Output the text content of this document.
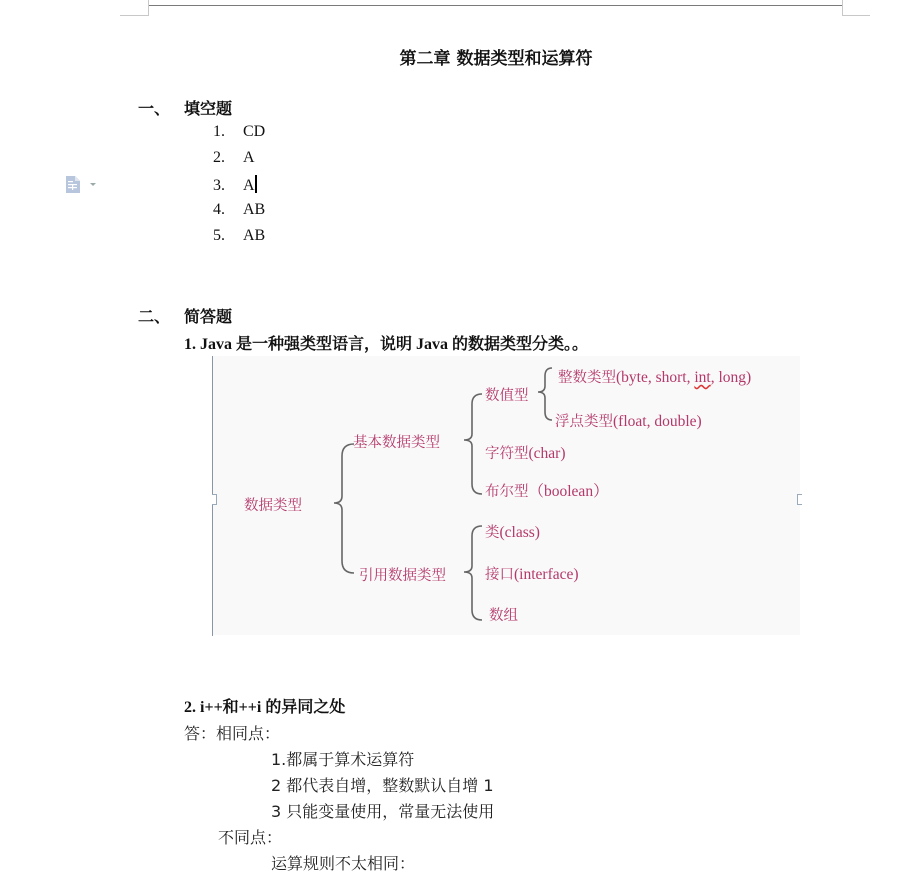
第二章 数据类型和运算符
一、 填空题
1. CD
2. A
3. A
4. AB
5. AB
二、 简答题
1. Java 是一种强类型语言，说明 Java 的数据类型分类。。
数据类型
基本数据类型
引用数据类型
数值型
整数类型(byte, short, int, long)
浮点类型(float, double)
字符型(char)
布尔型（boolean）
类(class)
接口(interface)
数组
2. i++和++i 的异同之处
答：相同点：
1.都属于算术运算符
2 都代表自增，整数默认自增 1
3 只能变量使用，常量无法使用
不同点：
运算规则不太相同：
